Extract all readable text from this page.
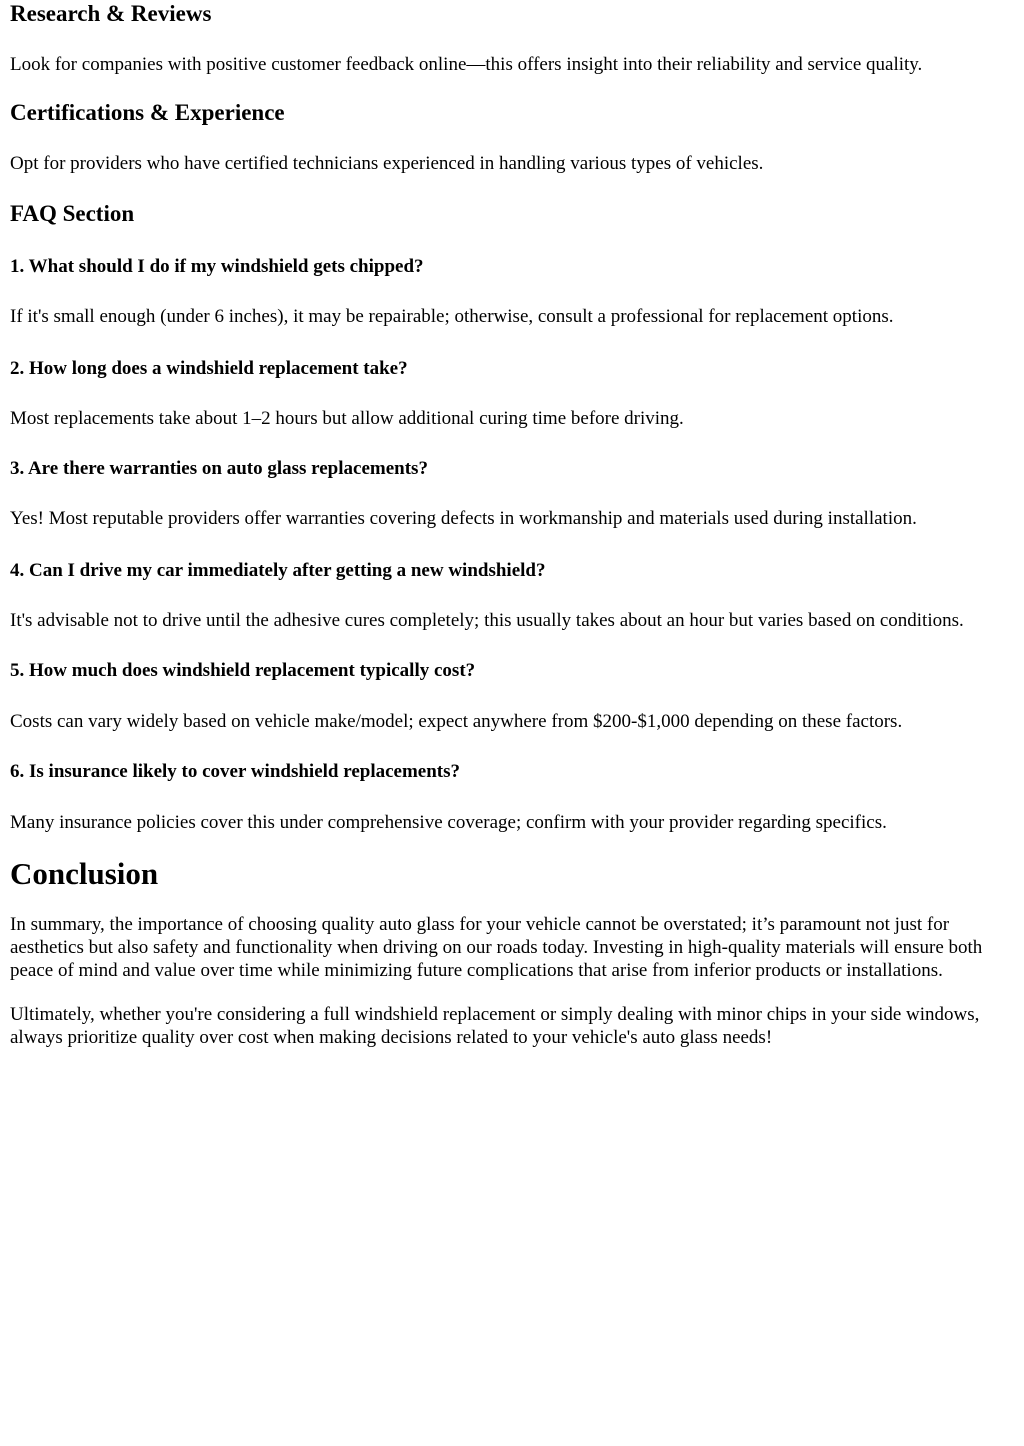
Research & Reviews

Look for companies with positive customer feedback online—this offers insight into their reliability and service quality.

Certifications & Experience

Opt for providers who have certified technicians experienced in handling various types of vehicles.

FAQ Section
1. What should I do if my windshield gets chipped?

If it's small enough (under 6 inches), it may be repairable; otherwise, consult a professional for replacement options.

2. How long does a windshield replacement take?

Most replacements take about 1–2 hours but allow additional curing time before driving.

3. Are there warranties on auto glass replacements?

Yes! Most reputable providers offer warranties covering defects in workmanship and materials used during installation.

4. Can I drive my car immediately after getting a new windshield?

It's advisable not to drive until the adhesive cures completely; this usually takes about an hour but varies based on conditions.

5. How much does windshield replacement typically cost?

Costs can vary widely based on vehicle make/model; expect anywhere from $200-$1,000 depending on these factors.

6. Is insurance likely to cover windshield replacements?

Many insurance policies cover this under comprehensive coverage; confirm with your provider regarding specifics.

Conclusion

In summary, the importance of choosing quality auto glass for your vehicle cannot be overstated; it’s paramount not just for aesthetics but also safety and functionality when driving on our roads today. Investing in high-quality materials will ensure both peace of mind and value over time while minimizing future complications that arise from inferior products or installations.

Ultimately, whether you're considering a full windshield replacement or simply dealing with minor chips in your side windows, always prioritize quality over cost when making decisions related to your vehicle's auto glass needs!
